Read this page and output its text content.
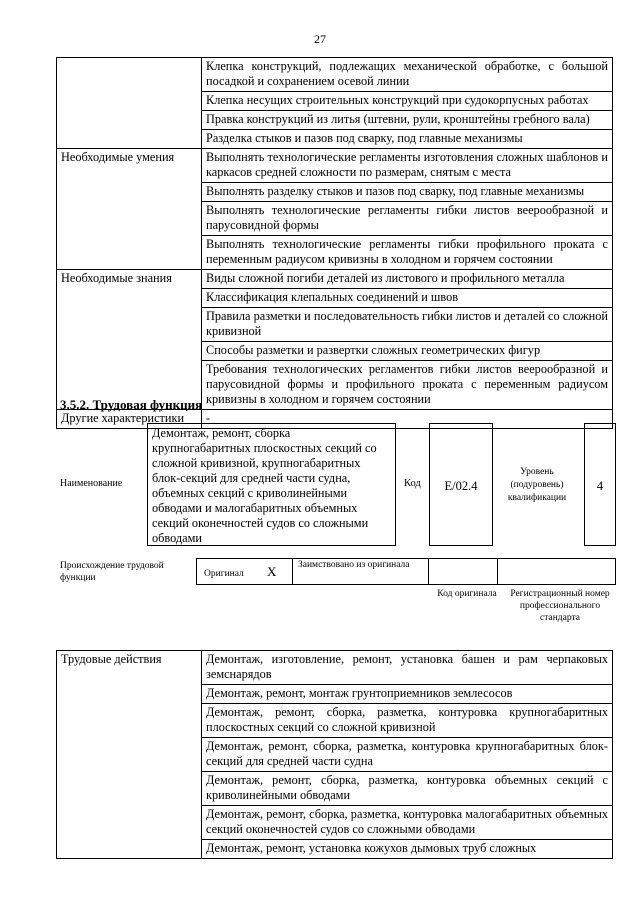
27
	Клепка конструкций, подлежащих механической обработке, с большой посадкой и сохранением осевой линии
	Клепка несущих строительных конструкций при судокорпусных работах
	Правка конструкций из литья (штевни, рули, кронштейны гребного вала)
	Разделка стыков и пазов под сварку, под главные механизмы
Необходимые умения	Выполнять технологические регламенты изготовления сложных шаблонов и каркасов средней сложности по размерам, снятым с места
	Выполнять разделку стыков и пазов под сварку, под главные механизмы
	Выполнять технологические регламенты гибки листов веерообразной и парусовидной формы
	Выполнять технологические регламенты гибки профильного проката с переменным радиусом кривизны в холодном и горячем состоянии
Необходимые знания	Виды сложной погиби деталей из листового и профильного металла
	Классификация клепальных соединений и швов
	Правила разметки и последовательность гибки листов и деталей со сложной кривизной
	Способы разметки и развертки сложных геометрических фигур
	Требования технологических регламентов гибки листов веерообразной и парусовидной формы и профильного проката с переменным радиусом кривизны в холодном и горячем состоянии
Другие характеристики	-
3.5.2. Трудовая функция
Наименование
Демонтаж, ремонт, сборка крупногабаритных плоскостных секций со сложной кривизной, крупногабаритных блок-секций для средней части судна, объемных секций с криволинейными обводами и малогабаритных объемных секций оконечностей судов со сложными обводами
Код	E/02.4
Уровень (подуровень) квалификации
4
Происхождение трудовой функции	Оригинал X Заимствовано из оригинала
Код оригинала	Регистрационный номер профессионального стандарта
Трудовые действия	Демонтаж, изготовление, ремонт, установка башен и рам черпаковых земснарядов
Демонтаж, ремонт, монтаж грунтоприемников землесосов
Демонтаж, ремонт, сборка, разметка, контуровка крупногабаритных плоскостных секций со сложной кривизной
Демонтаж, ремонт, сборка, разметка, контуровка крупногабаритных блок-секций для средней части судна
Демонтаж, ремонт, сборка, разметка, контуровка объемных секций с криволинейными обводами
Демонтаж, ремонт, сборка, разметка, контуровка малогабаритных объемных секций оконечностей судов со сложными обводами
Демонтаж, ремонт, установка кожухов дымовых труб сложных
